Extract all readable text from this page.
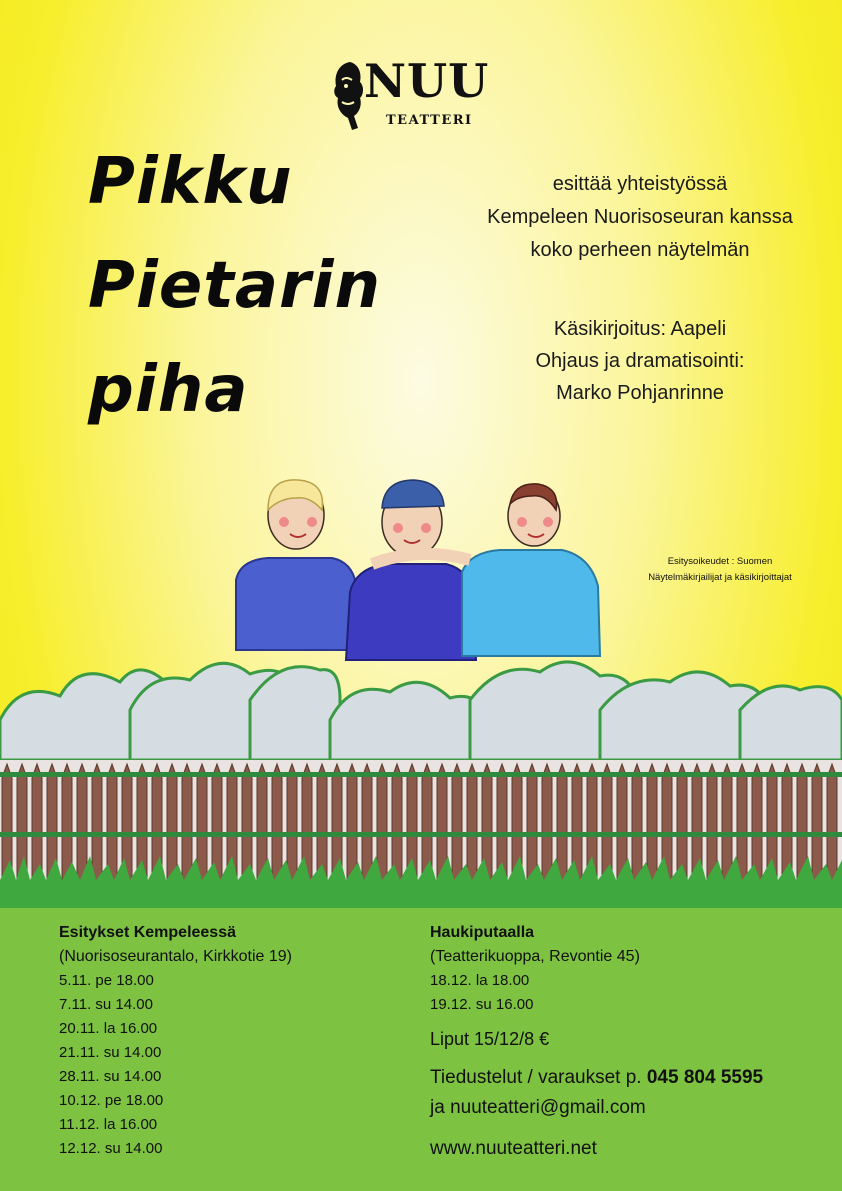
NUU
TEATTERI
Pikku
Pietarin
piha
esittää yhteistyössä
Kempeleen Nuorisoseuran kanssa
koko perheen näytelmän
Käsikirjoitus: Aapeli
Ohjaus ja dramatisointi:
Marko Pohjanrinne
Esitysoikeudet : Suomen
Näytelmäkirjailijat ja käsikirjoittajat
Esitykset Kempeleessä
(Nuorisoseurantalo, Kirkkotie 19)
5.11. pe 18.00
7.11. su 14.00
20.11. la 16.00
21.11. su 14.00
28.11. su 14.00
10.12. pe 18.00
11.12. la 16.00
12.12. su 14.00
Haukiputaalla
(Teatterikuoppa, Revontie 45)
18.12. la 18.00
19.12. su 16.00
Liput 15/12/8 €
Tiedustelut / varaukset p. 045 804 5595
ja nuuteatteri@gmail.com
www.nuuteatteri.net
